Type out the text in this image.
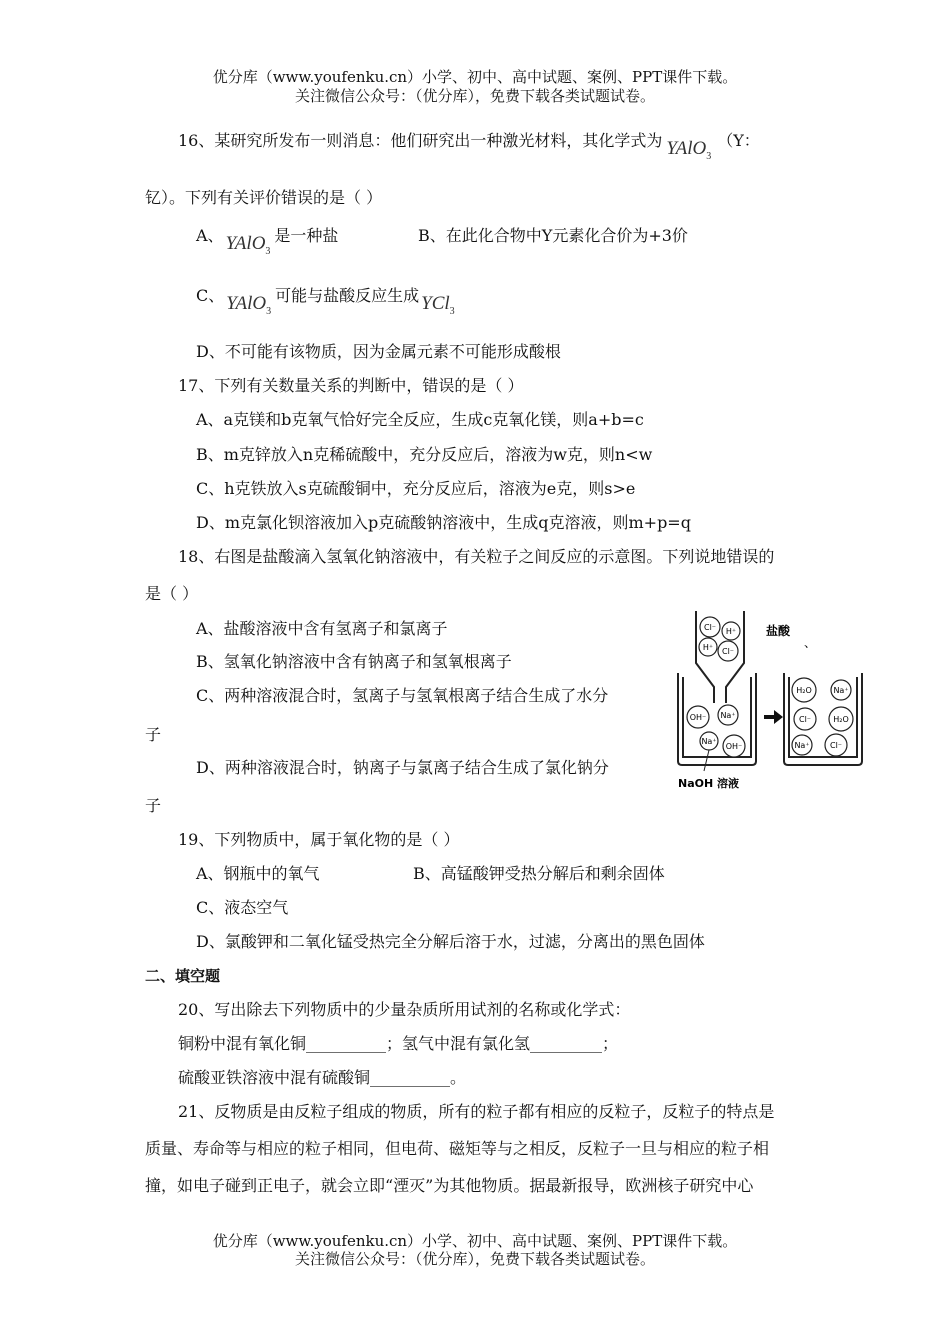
优分库（www.youfenku.cn）小学、初中、高中试题、案例、PPT课件下载。
关注微信公众号：（优分库），免费下载各类试题试卷。
16、某研究所发布一则消息：他们研究出一种激光材料，其化学式为 YAlO$_3$（Y：
钇）。下列有关评价错误的是（ ）
A、 YAlO$_3$是一种盐	B、在此化合物中Y元素化合价为+3价
C、 YAlO$_3$可能与盐酸反应生成 YCl$_3$
D、不可能有该物质，因为金属元素不可能形成酸根
17、下列有关数量关系的判断中，错误的是（ ）
A、a克镁和b克氧气恰好完全反应，生成c克氧化镁，则a+b=c
B、m克锌放入n克稀硫酸中，充分反应后，溶液为w克，则n<w
C、h克铁放入s克硫酸铜中，充分反应后，溶液为e克，则s>e
D、m克氯化钡溶液加入p克硫酸钠溶液中，生成q克溶液，则m+p=q
18、右图是盐酸滴入氢氧化钠溶液中，有关粒子之间反应的示意图。下列说地错误的
是（ ）
A、盐酸溶液中含有氢离子和氯离子
B、氢氧化钠溶液中含有钠离子和氢氧根离子
C、两种溶液混合时，氢离子与氢氧根离子结合生成了水分
子
D、两种溶液混合时，钠离子与氯离子结合生成了氯化钠分
子
Cl⁻ H⁺
H⁺ Cl⁻
盐酸
、
OH⁻ Na⁺
Na⁺
OH⁻
NaOH 溶液
H₂O	Na⁺
Cl⁻	H₂O
Na⁺	Cl⁻
19、下列物质中，属于氧化物的是（ ）
A、钢瓶中的氧气	B、高锰酸钾受热分解后和剩余固体
C、液态空气
D、氯酸钾和二氧化锰受热完全分解后溶于水，过滤，分离出的黑色固体
二、填空题
20、写出除去下列物质中的少量杂质所用试剂的名称或化学式：
铜粉中混有氧化铜__________；氢气中混有氯化氢_________；
硫酸亚铁溶液中混有硫酸铜__________。
21、反物质是由反粒子组成的物质，所有的粒子都有相应的反粒子，反粒子的特点是
质量、寿命等与相应的粒子相同，但电荷、磁矩等与之相反，反粒子一旦与相应的粒子相
撞，如电子碰到正电子，就会立即“湮灭”为其他物质。据最新报导，欧洲核子研究中心
优分库（www.youfenku.cn）小学、初中、高中试题、案例、PPT课件下载。
关注微信公众号：（优分库），免费下载各类试题试卷。
